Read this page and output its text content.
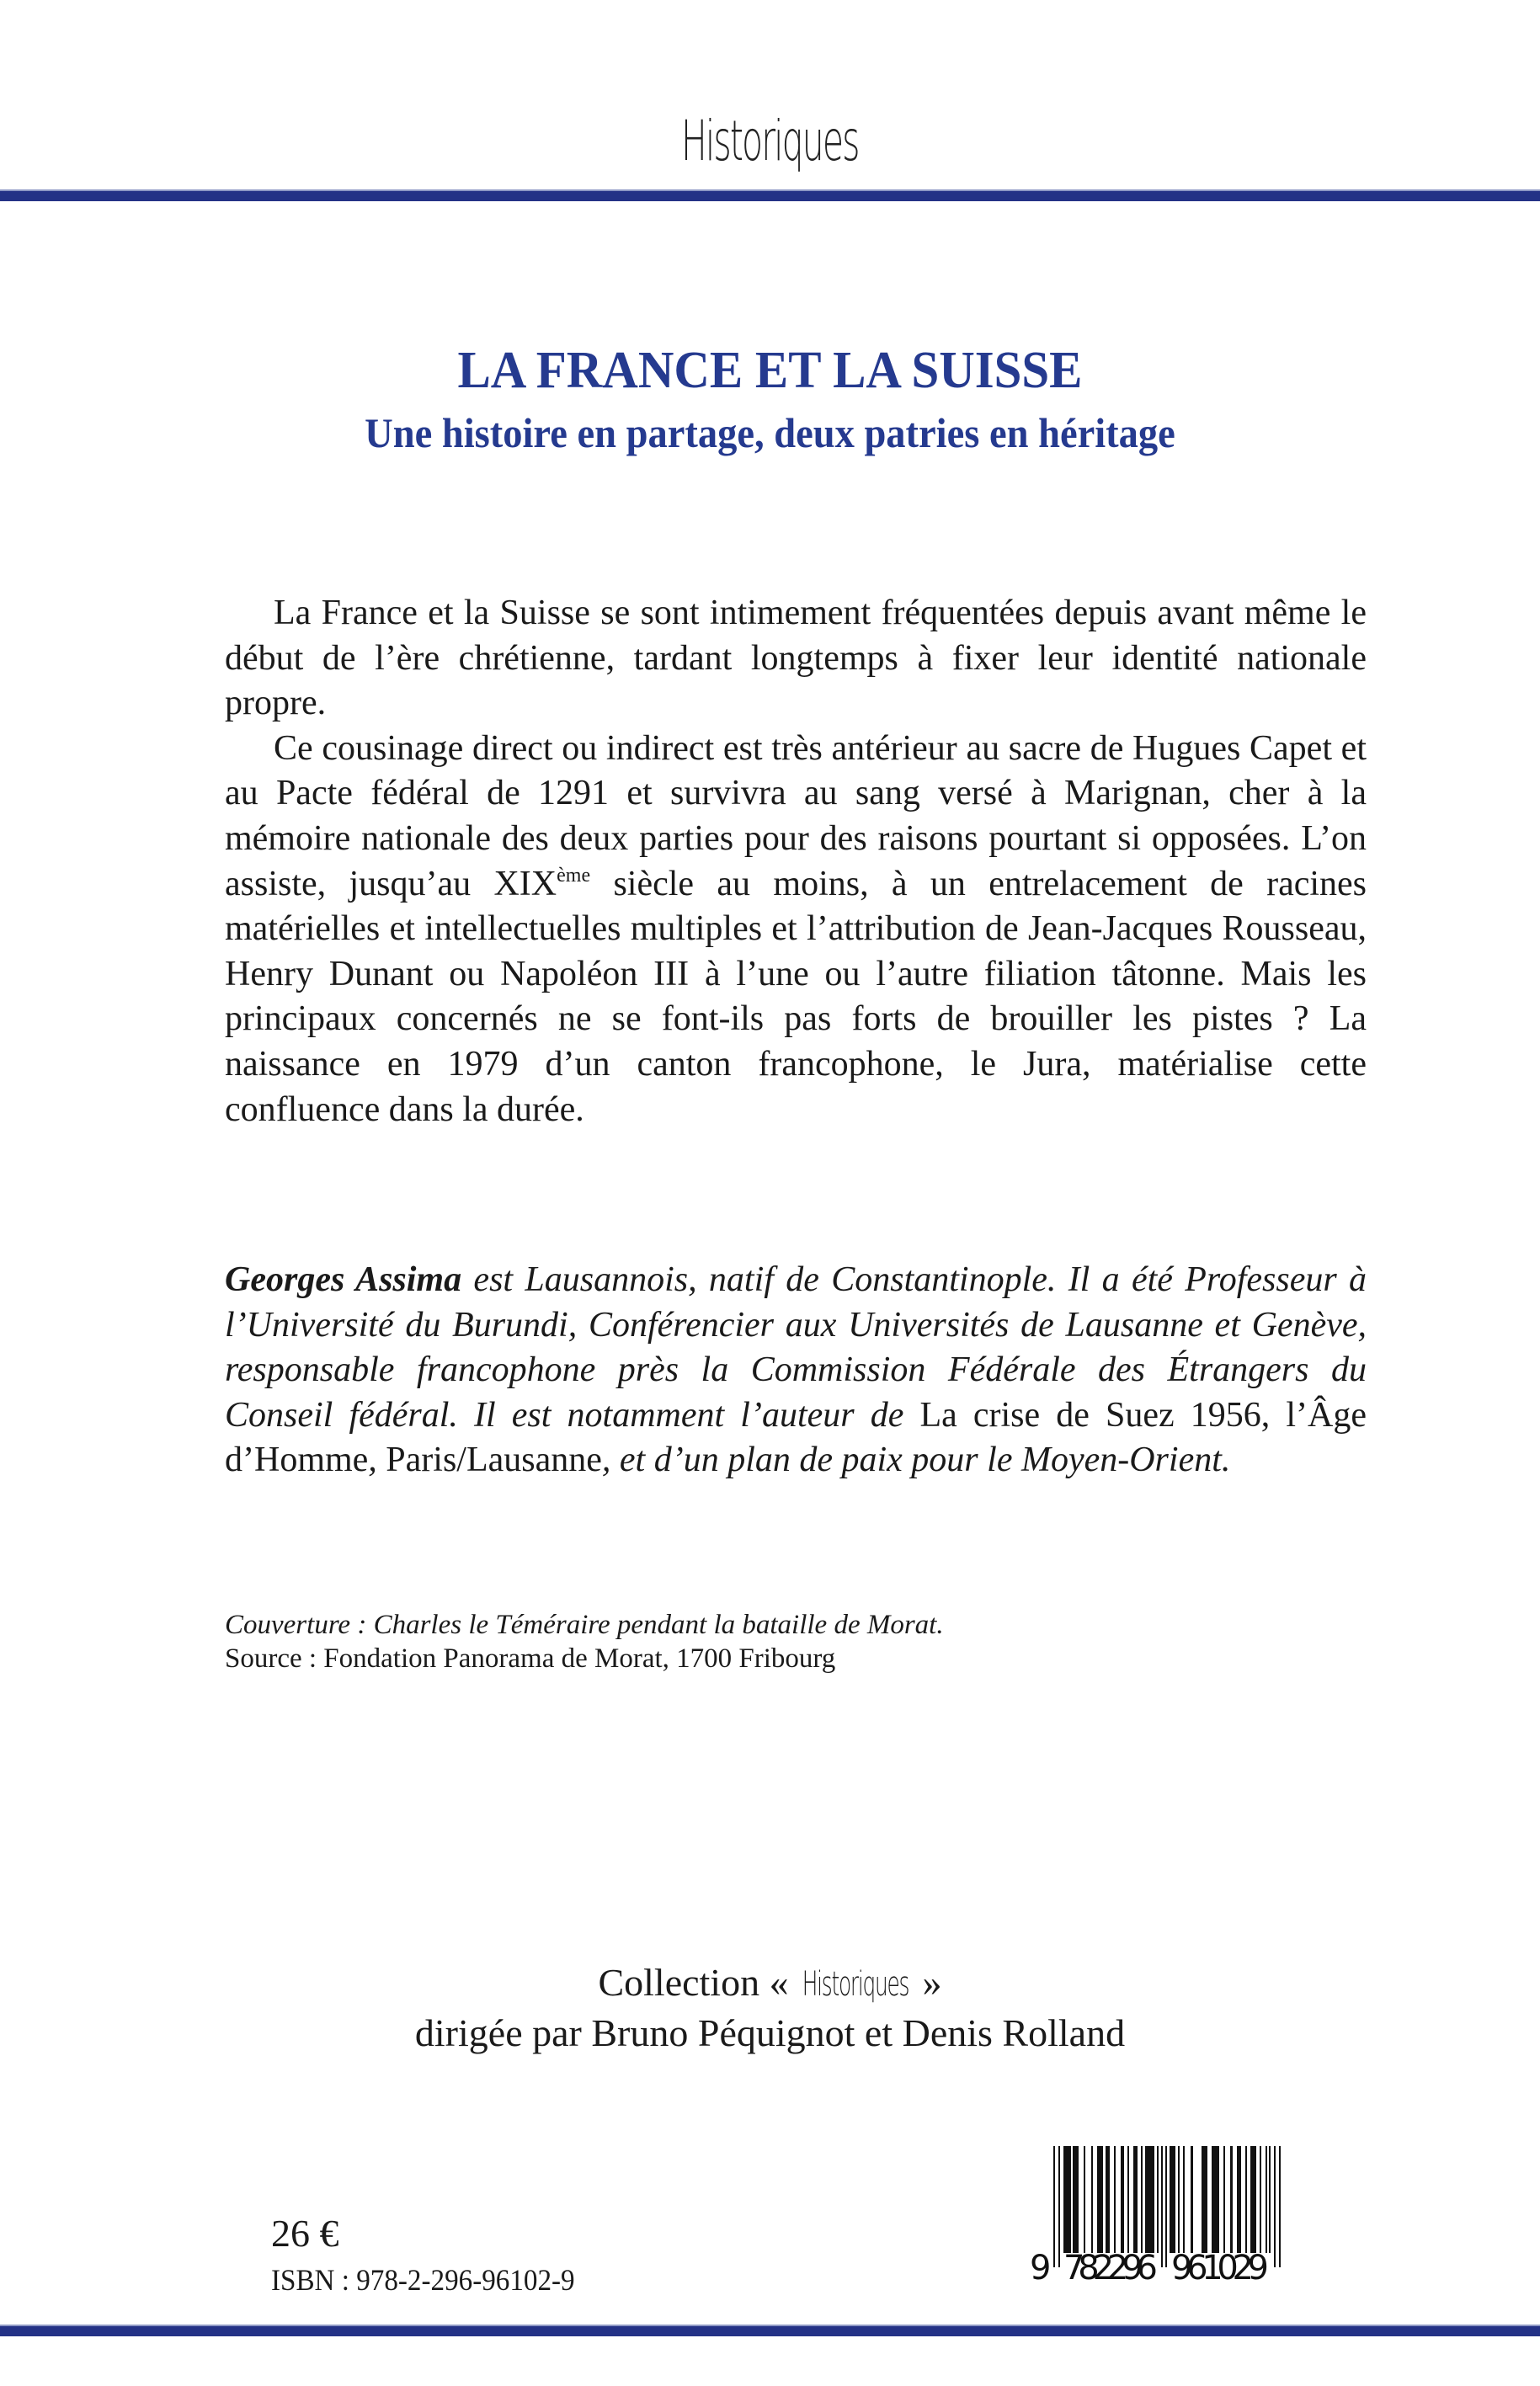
Historiques
LA FRANCE ET LA SUISSE
Une histoire en partage, deux patries en héritage

La France et la Suisse se sont intimement fréquentées depuis avant même le début de l’ère chrétienne, tardant longtemps à fixer leur identité nationale propre.

Ce cousinage direct ou indirect est très antérieur au sacre de Hugues Capet et au Pacte fédéral de 1291 et survivra au sang versé à Marignan, cher à la mémoire nationale des deux parties pour des raisons pourtant si opposées. L’on assiste, jusqu’au XIXème siècle au moins, à un entrelacement de racines matérielles et intellectuelles multiples et l’attribution de Jean-Jacques Rousseau, Henry Dunant ou Napoléon III à l’une ou l’autre filiation tâtonne. Mais les principaux concernés ne se font-ils pas forts de brouiller les pistes ? La naissance en 1979 d’un canton francophone, le Jura, matérialise cette confluence dans la durée.

Georges Assima est Lausannois, natif de Constantinople. Il a été Professeur à l’Université du Burundi, Conférencier aux Universités de Lausanne et Genève, responsable francophone près la Commission Fédérale des Étrangers du Conseil fédéral. Il est notamment l’auteur de La crise de Suez 1956, l’Âge d’Homme, Paris/Lausanne, et d’un plan de paix pour le Moyen-Orient.

Couverture : Charles le Téméraire pendant la bataille de Morat.
Source : Fondation Panorama de Morat, 1700 Fribourg
Collection « Historiques »
dirigée par Bruno Péquignot et Denis Rolland
26 €
ISBN : 978-2-296-96102-9	9 782296 961029
